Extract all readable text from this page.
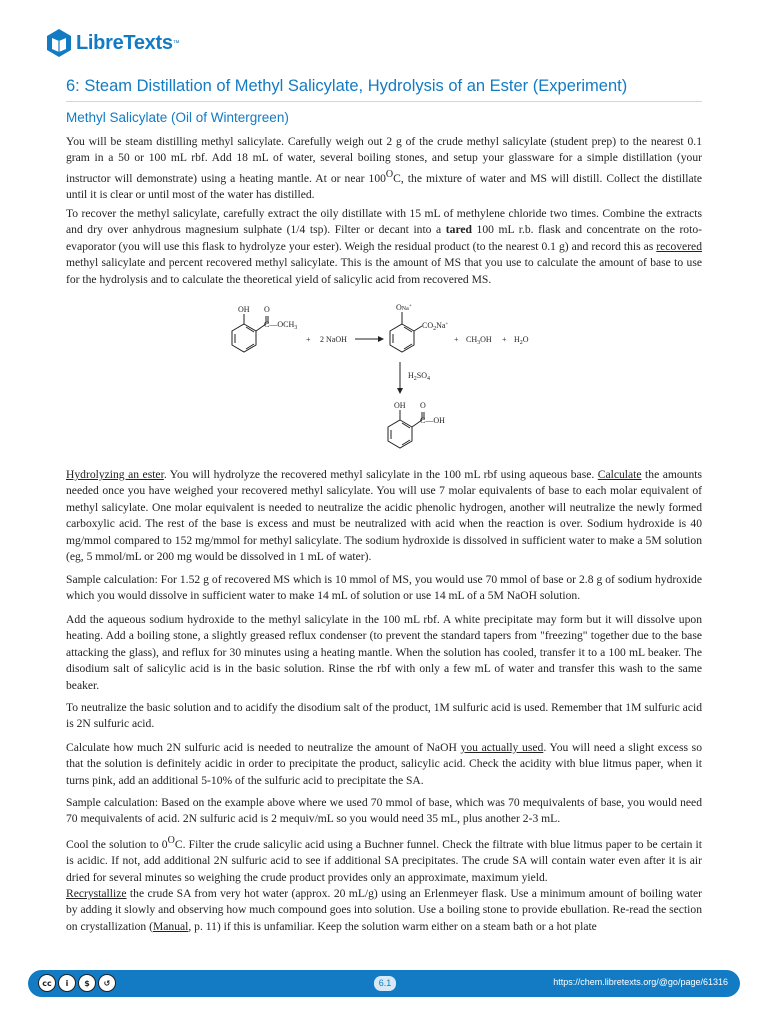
LibreTexts ™
6: Steam Distillation of Methyl Salicylate, Hydrolysis of an Ester (Experiment)
Methyl Salicylate (Oil of Wintergreen)

You will be steam distilling methyl salicylate. Carefully weigh out 2 g of the crude methyl salicylate (student prep) to the nearest 0.1 gram in a 50 or 100 mL rbf. Add 18 mL of water, several boiling stones, and setup your glassware for a simple distillation (your instructor will demonstrate) using a heating mantle. At or near $100^OC$, the mixture of water and MS will distill. Collect the distillate until it is clear or until most of the water has distilled.

To recover the methyl salicylate, carefully extract the oily distillate with 15 mL of methylene chloride two times. Combine the extracts and dry over anhydrous magnesium sulphate (1/4 tsp). Filter or decant into a tared 100 mL r.b. flask and concentrate on the roto-evaporator (you will use this flask to hydrolyze your ester). Weigh the residual product (to the nearest 0.1 g) and record this as recovered methyl salicylate and percent recovered methyl salicylate. This is the amount of MS that you use to calculate the amount of base to use for the hydrolysis and to calculate the theoretical yield of salicylic acid from recovered MS.

OH O
$C—OCH_3$
+ 2 NaOH
ONa+
$CO_2Na^+$
+ $CH_3OH + H_2O$
$H_2SO_4$
OH O
C—OH

Hydrolyzing an ester. You will hydrolyze the recovered methyl salicylate in the 100 mL rbf using aqueous base. Calculate the amounts needed once you have weighed your recovered methyl salicylate. You will use 7 molar equivalents of base to each molar equivalent of methyl salicylate. One molar equivalent is needed to neutralize the acidic phenolic hydrogen, another will neutralize the newly formed carboxylic acid. The rest of the base is excess and must be neutralized with acid when the reaction is over. Sodium hydroxide is 40 mg/mmol compared to 152 mg/mmol for methyl salicylate. The sodium hydroxide is dissolved in sufficient water to make a 5M solution (eg, 5 mmol/mL or 200 mg would be dissolved in 1 mL of water).

Sample calculation: For 1.52 g of recovered MS which is 10 mmol of MS, you would use 70 mmol of base or 2.8 g of sodium hydroxide which you would dissolve in sufficient water to make 14 mL of solution or use 14 mL of a 5M NaOH solution.

Add the aqueous sodium hydroxide to the methyl salicylate in the 100 mL rbf. A white precipitate may form but it will dissolve upon heating. Add a boiling stone, a slightly greased reflux condenser (to prevent the standard tapers from "freezing" together due to the base attacking the glass), and reflux for 30 minutes using a heating mantle. When the solution has cooled, transfer it to a 100 mL beaker. The disodium salt of salicylic acid is in the basic solution. Rinse the rbf with only a few mL of water and transfer this wash to the same beaker.

To neutralize the basic solution and to acidify the disodium salt of the product, 1M sulfuric acid is used. Remember that 1M sulfuric acid is 2N sulfuric acid.

Calculate how much 2N sulfuric acid is needed to neutralize the amount of NaOH you actually used. You will need a slight excess so that the solution is definitely acidic in order to precipitate the product, salicylic acid. Check the acidity with blue litmus paper, when it turns pink, add an additional 5-10% of the sulfuric acid to precipitate the SA.

Sample calculation: Based on the example above where we used 70 mmol of base, which was 70 mequivalents of base, you would need 70 mequivalents of acid. 2N sulfuric acid is 2 mequiv/mL so you would need 35 mL, plus another 2-3 mL.

Cool the solution to $0^OC$. Filter the crude salicylic acid using a Buchner funnel. Check the filtrate with blue litmus paper to be certain it is acidic. If not, add additional 2N sulfuric acid to see if additional SA precipitates. The crude SA will contain water even after it is air dried for several minutes so weighing the crude product provides only an approximate, maximum yield.

Recrystallize the crude SA from very hot water (approx. 20 mL/g) using an Erlenmeyer flask. Use a minimum amount of boiling water by adding it slowly and observing how much compound goes into solution. Use a boiling stone to provide ebullation. Re-read the section on crystallization (Manual, p. 11) if this is unfamiliar. Keep the solution warm either on a steam bath or a hot plate

cc	i	$	↺	6.1	https://chem.libretexts.org/@go/page/61316
